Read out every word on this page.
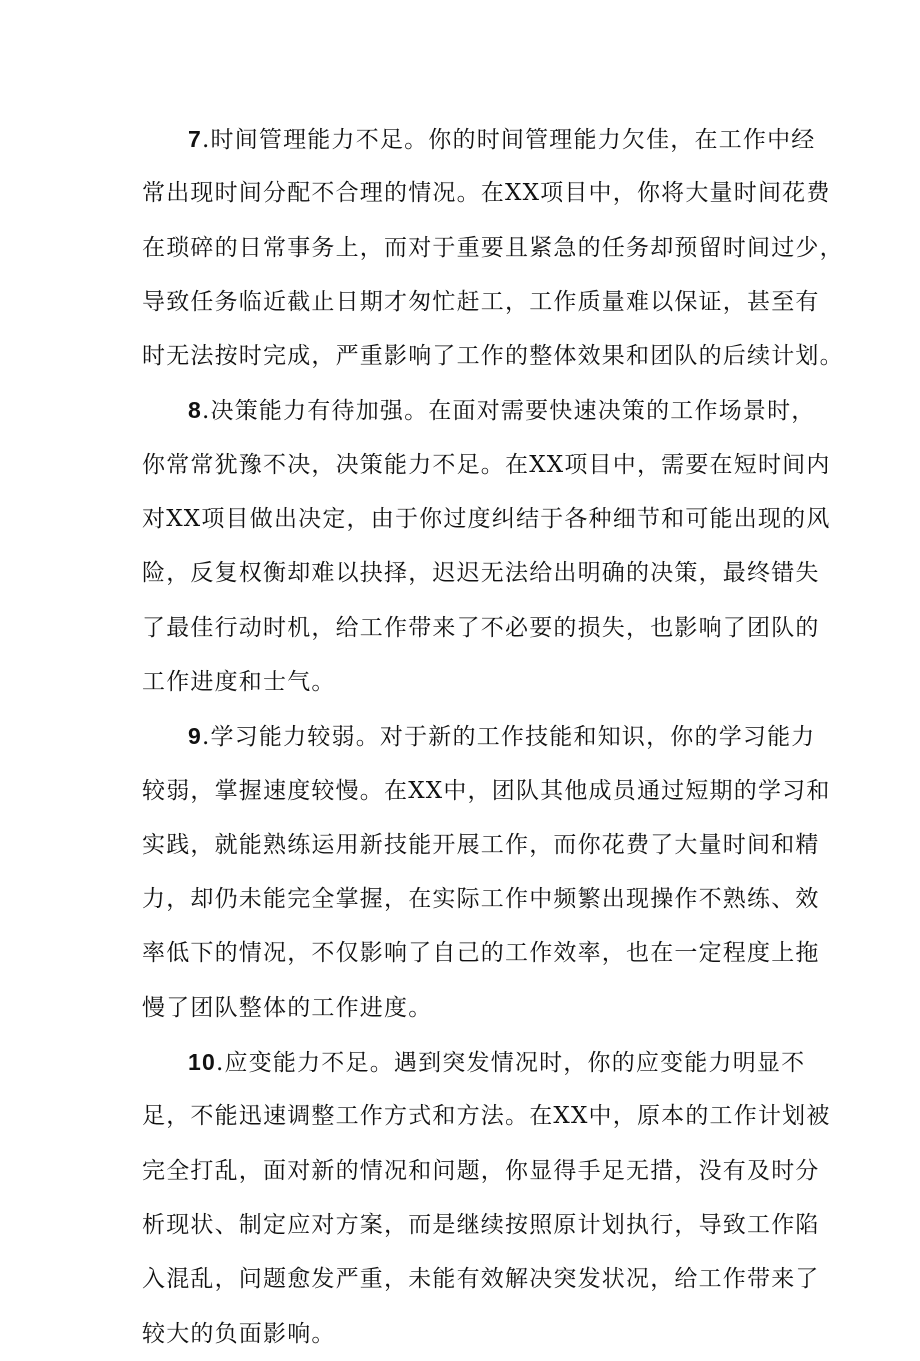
7.时间管理能力不足。你的时间管理能力欠佳，在工作中经
常出现时间分配不合理的情况。在XX项目中，你将大量时间花费
在琐碎的日常事务上，而对于重要且紧急的任务却预留时间过少，
导致任务临近截止日期才匆忙赶工，工作质量难以保证，甚至有
时无法按时完成，严重影响了工作的整体效果和团队的后续计划。
8.决策能力有待加强。在面对需要快速决策的工作场景时，
你常常犹豫不决，决策能力不足。在XX项目中，需要在短时间内
对XX项目做出决定，由于你过度纠结于各种细节和可能出现的风
险，反复权衡却难以抉择，迟迟无法给出明确的决策，最终错失
了最佳行动时机，给工作带来了不必要的损失，也影响了团队的
工作进度和士气。
9.学习能力较弱。对于新的工作技能和知识，你的学习能力
较弱，掌握速度较慢。在XX中，团队其他成员通过短期的学习和
实践，就能熟练运用新技能开展工作，而你花费了大量时间和精
力，却仍未能完全掌握，在实际工作中频繁出现操作不熟练、效
率低下的情况，不仅影响了自己的工作效率，也在一定程度上拖
慢了团队整体的工作进度。
10.应变能力不足。遇到突发情况时，你的应变能力明显不
足，不能迅速调整工作方式和方法。在XX中，原本的工作计划被
完全打乱，面对新的情况和问题，你显得手足无措，没有及时分
析现状、制定应对方案，而是继续按照原计划执行，导致工作陷
入混乱，问题愈发严重，未能有效解决突发状况，给工作带来了
较大的负面影响。
